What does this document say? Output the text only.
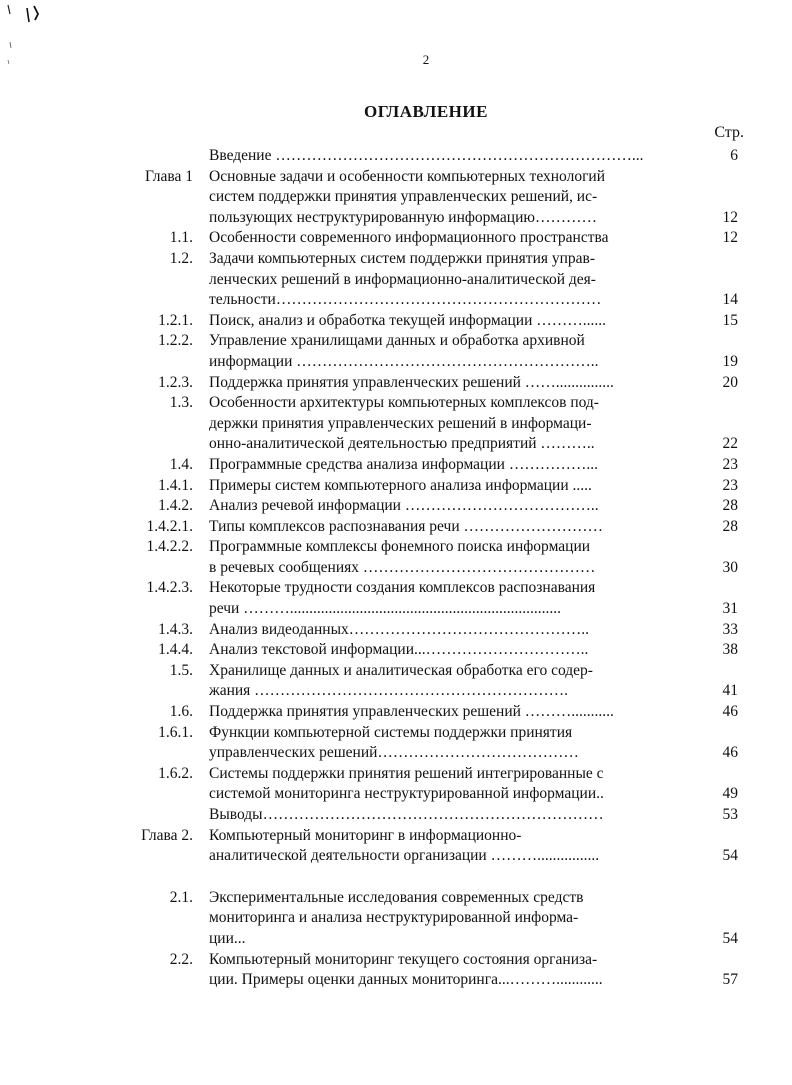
2
ОГЛАВЛЕНИЕ
Стр.
Введение ……………………………………………………………...	6
Глава 1 Основные задачи и особенности компьютерных технологий
систем поддержки принятия управленческих решений, ис-
пользующих неструктурированную информацию…………	12
1.1. Особенности современного информационного пространства	12
1.2. Задачи компьютерных систем поддержки принятия управ-
ленческих решений в информационно-аналитической дея-
тельности………………………………………………………	14
1.2.1. Поиск, анализ и обработка текущей информации ………......	15
1.2.2. Управление хранилищами данных и обработка архивной
информации …………………………………………………..	19
1.2.3. Поддержка принятия управленческих решений ……...............	20
1.3. Особенности архитектуры компьютерных комплексов под-
держки принятия управленческих решений в информаци-
онно-аналитической деятельностью предприятий ………..	22
1.4. Программные средства анализа информации ……………...	23
1.4.1. Примеры систем компьютерного анализа информации .....	23
1.4.2. Анализ речевой информации ………………………………..	28
1.4.2.1. Типы комплексов распознавания речи ………………………	28
1.4.2.2. Программные комплексы фонемного поиска информации
в речевых сообщениях ………………………………………	30
1.4.2.3. Некоторые трудности создания комплексов распознавания
речи ………......................................................................	31
1.4.3. Анализ видеоданных………………………………………..	33
1.4.4. Анализ текстовой информации...…………………………..	38
1.5. Хранилище данных и аналитическая обработка его содер-
жания …………………………………………………….	41
1.6. Поддержка принятия управленческих решений ………...........	46
1.6.1. Функции компьютерной системы поддержки принятия
управленческих решений…………………………………	46
1.6.2. Системы поддержки принятия решений интегрированные с
системой мониторинга неструктурированной информации..	49
Выводы…………………………………………………………	53
Глава 2. Компьютерный мониторинг в информационно-
аналитической деятельности организации ………................	54
2.1. Экспериментальные исследования современных средств
мониторинга и анализа неструктурированной информа-
ции...	54
2.2. Компьютерный мониторинг текущего состояния организа-
ции. Примеры оценки данных мониторинга...………............	57
